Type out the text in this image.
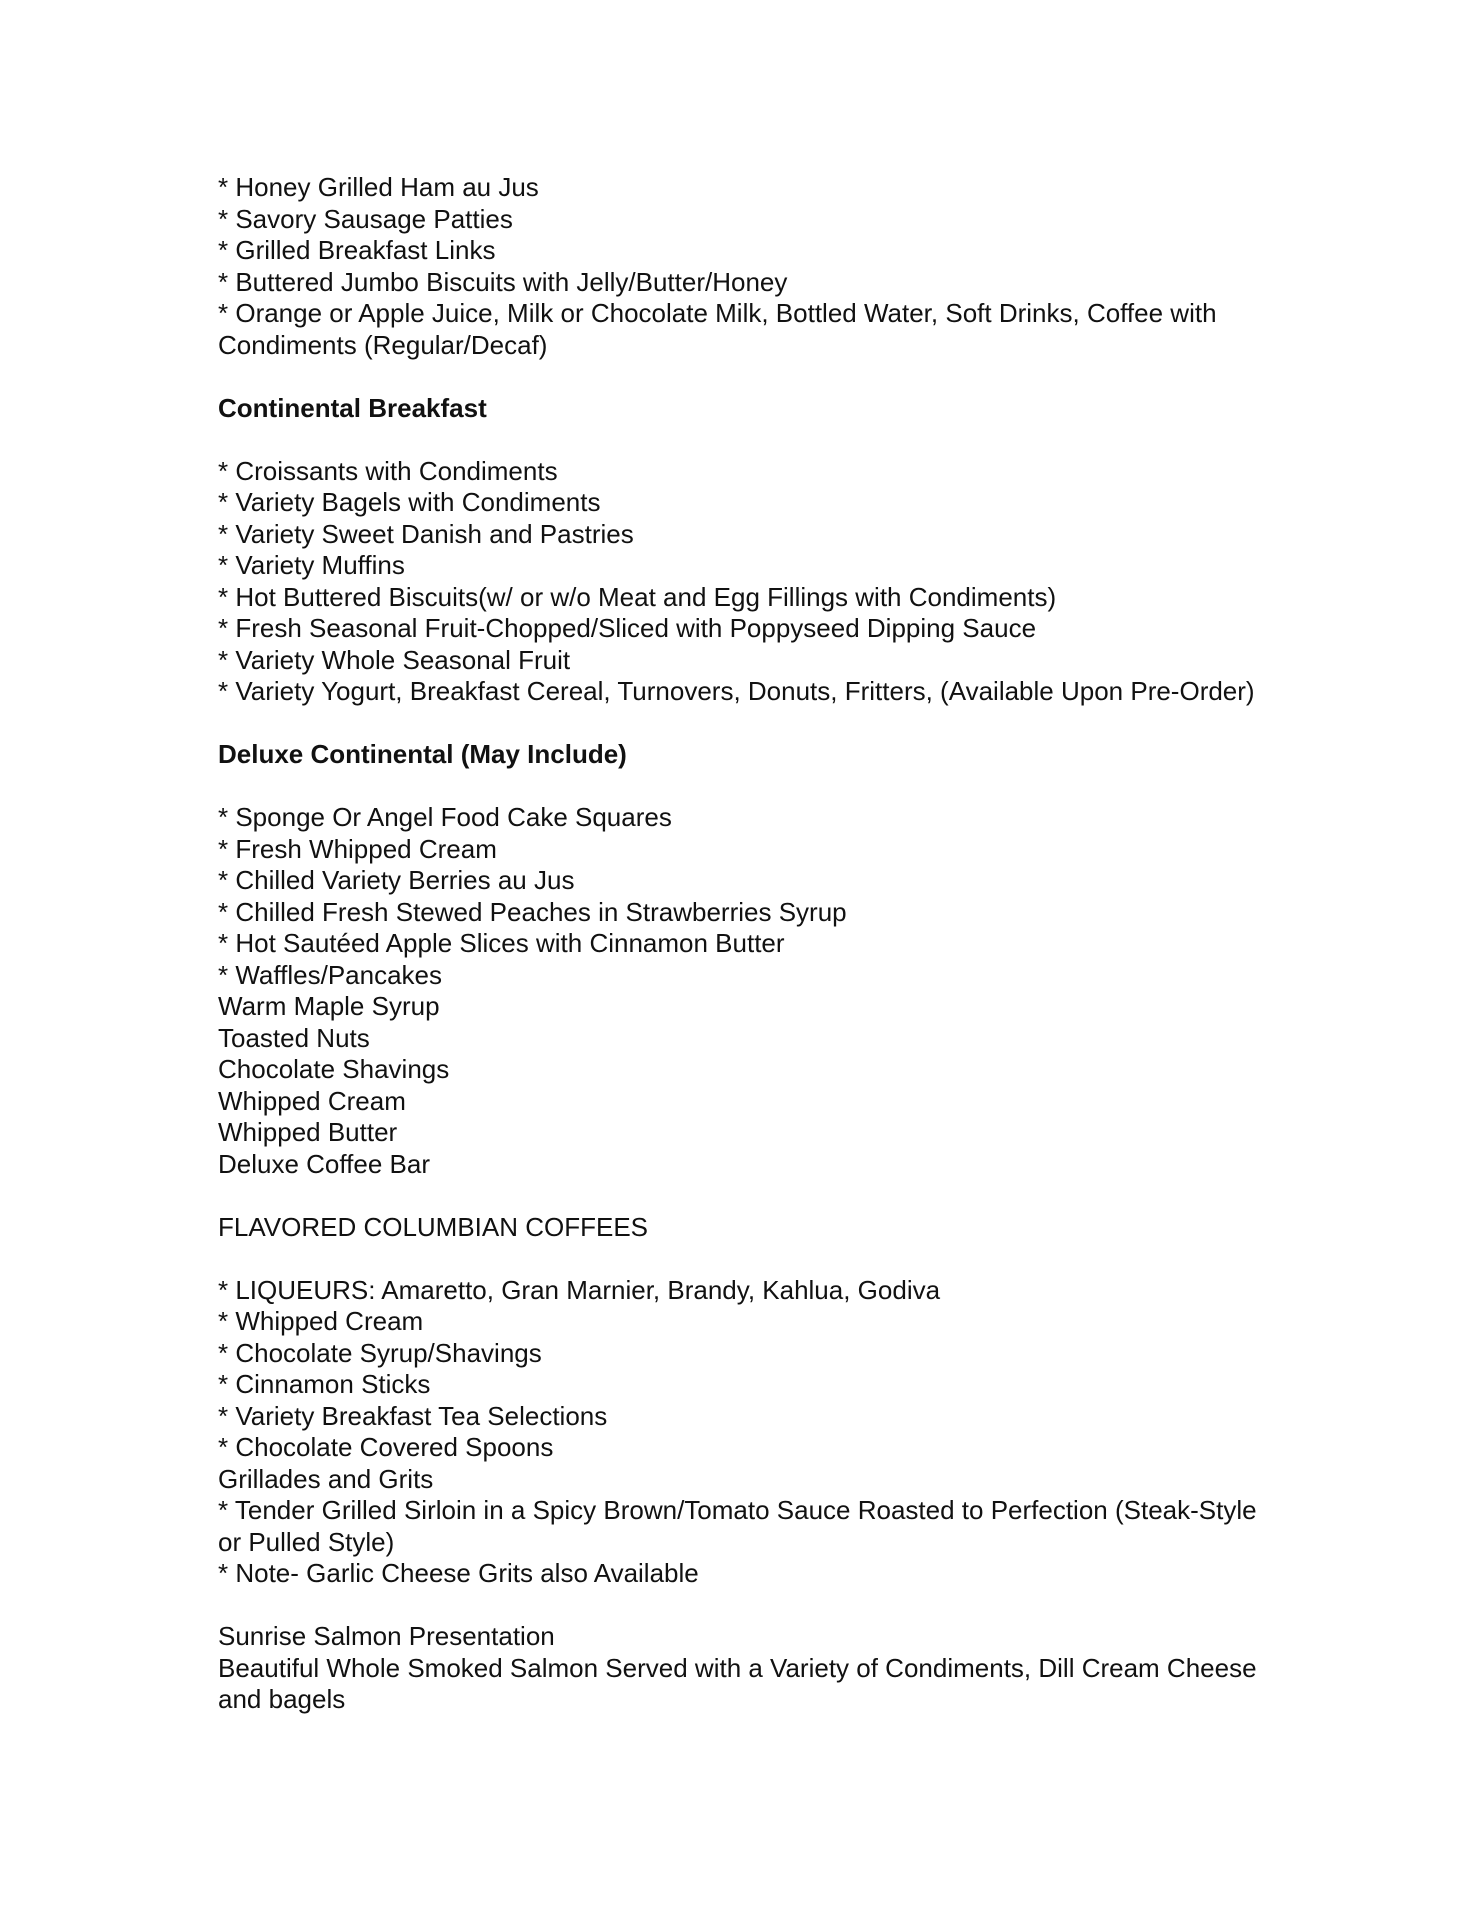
* Honey Grilled Ham au Jus
* Savory Sausage Patties
* Grilled Breakfast Links
* Buttered Jumbo Biscuits with Jelly/Butter/Honey
* Orange or Apple Juice, Milk or Chocolate Milk, Bottled Water, Soft Drinks, Coffee with
Condiments (Regular/Decaf)
Continental Breakfast
* Croissants with Condiments
* Variety Bagels with Condiments
* Variety Sweet Danish and Pastries
* Variety Muffins
* Hot Buttered Biscuits(w/ or w/o Meat and Egg Fillings with Condiments)
* Fresh Seasonal Fruit-Chopped/Sliced with Poppyseed Dipping Sauce
* Variety Whole Seasonal Fruit
* Variety Yogurt, Breakfast Cereal, Turnovers, Donuts, Fritters, (Available Upon Pre-Order)
Deluxe Continental (May Include)
* Sponge Or Angel Food Cake Squares
* Fresh Whipped Cream
* Chilled Variety Berries au Jus
* Chilled Fresh Stewed Peaches in Strawberries Syrup
* Hot Sautéed Apple Slices with Cinnamon Butter
* Waffles/Pancakes
Warm Maple Syrup
Toasted Nuts
Chocolate Shavings
Whipped Cream
Whipped Butter
Deluxe Coffee Bar
FLAVORED COLUMBIAN COFFEES
* LIQUEURS: Amaretto, Gran Marnier, Brandy, Kahlua, Godiva
* Whipped Cream
* Chocolate Syrup/Shavings
* Cinnamon Sticks
* Variety Breakfast Tea Selections
* Chocolate Covered Spoons
Grillades and Grits
* Tender Grilled Sirloin in a Spicy Brown/Tomato Sauce Roasted to Perfection (Steak-Style
or Pulled Style)
* Note- Garlic Cheese Grits also Available
Sunrise Salmon Presentation
Beautiful Whole Smoked Salmon Served with a Variety of Condiments, Dill Cream Cheese
and bagels
